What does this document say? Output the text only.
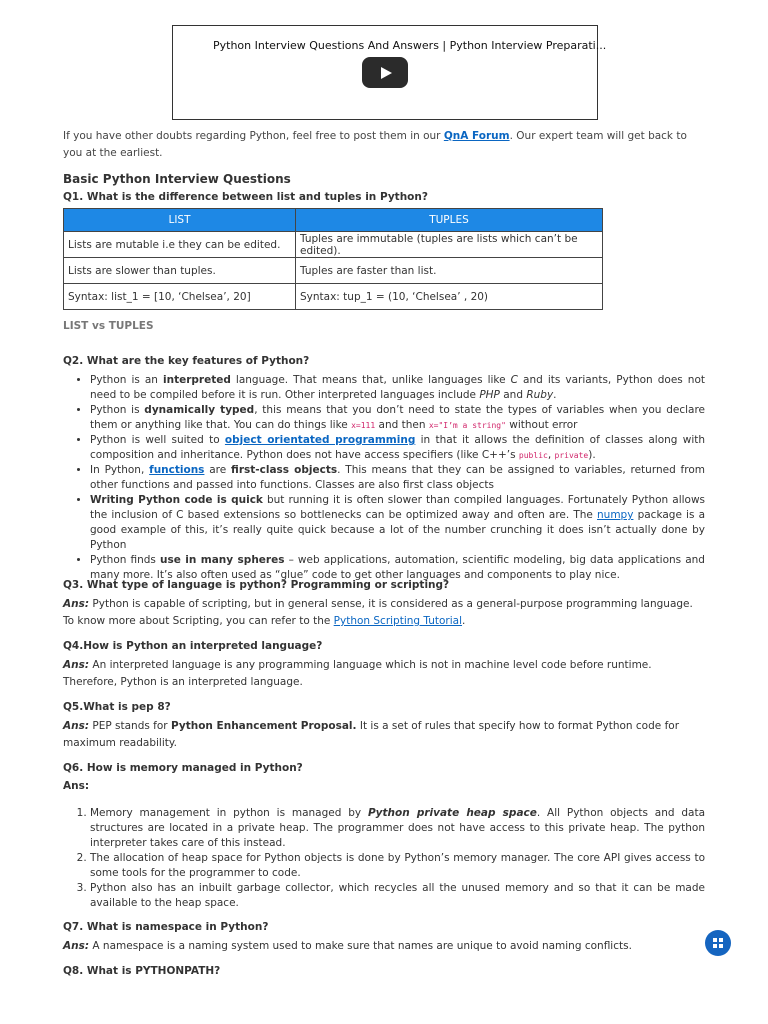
Python Interview Questions And Answers | Python Interview Preparati...

If you have other doubts regarding Python, feel free to post them in our QnA Forum. Our expert team will get back to you at the earliest.

Basic Python Interview Questions
Q1. What is the difference between list and tuples in Python?
LIST	TUPLES
Lists are mutable i.e they can be edited.	Tuples are immutable (tuples are lists which can’t be edited).
Lists are slower than tuples.	Tuples are faster than list.
Syntax: list_1 = [10, ‘Chelsea’, 20]	Syntax: tup_1 = (10, ‘Chelsea’ , 20)
LIST vs TUPLES
Q2. What are the key features of Python?
• Python is an interpreted language. That means that, unlike languages like C and its variants, Python does not need to be compiled before it is run. Other interpreted languages include PHP and Ruby.
• Python is dynamically typed, this means that you don’t need to state the types of variables when you declare them or anything like that. You can do things like x=111 and then x="I’m a string" without error
• Python is well suited to object orientated programming in that it allows the definition of classes along with composition and inheritance. Python does not have access specifiers (like C++’s public, private).
• In Python, functions are first-class objects. This means that they can be assigned to variables, returned from other functions and passed into functions. Classes are also first class objects
• Writing Python code is quick but running it is often slower than compiled languages. Fortunately Python allows the inclusion of C based extensions so bottlenecks can be optimized away and often are. The numpy package is a good example of this, it’s really quite quick because a lot of the number crunching it does isn’t actually done by Python
• Python finds use in many spheres – web applications, automation, scientific modeling, big data applications and many more. It’s also often used as “glue” code to get other languages and components to play nice.
Q3. What type of language is python? Programming or scripting?

Ans: Python is capable of scripting, but in general sense, it is considered as a general-purpose programming language. To know more about Scripting, you can refer to the Python Scripting Tutorial.

Q4.How is Python an interpreted language?

Ans: An interpreted language is any programming language which is not in machine level code before runtime. Therefore, Python is an interpreted language.

Q5.What is pep 8?

Ans: PEP stands for Python Enhancement Proposal. It is a set of rules that specify how to format Python code for maximum readability.

Q6. How is memory managed in Python?
Ans:
1. Memory management in python is managed by Python private heap space. All Python objects and data structures are located in a private heap. The programmer does not have access to this private heap. The python interpreter takes care of this instead.
2. The allocation of heap space for Python objects is done by Python’s memory manager. The core API gives access to some tools for the programmer to code.
3. Python also has an inbuilt garbage collector, which recycles all the unused memory and so that it can be made available to the heap space.
Q7. What is namespace in Python?

Ans: A namespace is a naming system used to make sure that names are unique to avoid naming conflicts.

Q8. What is PYTHONPATH?
